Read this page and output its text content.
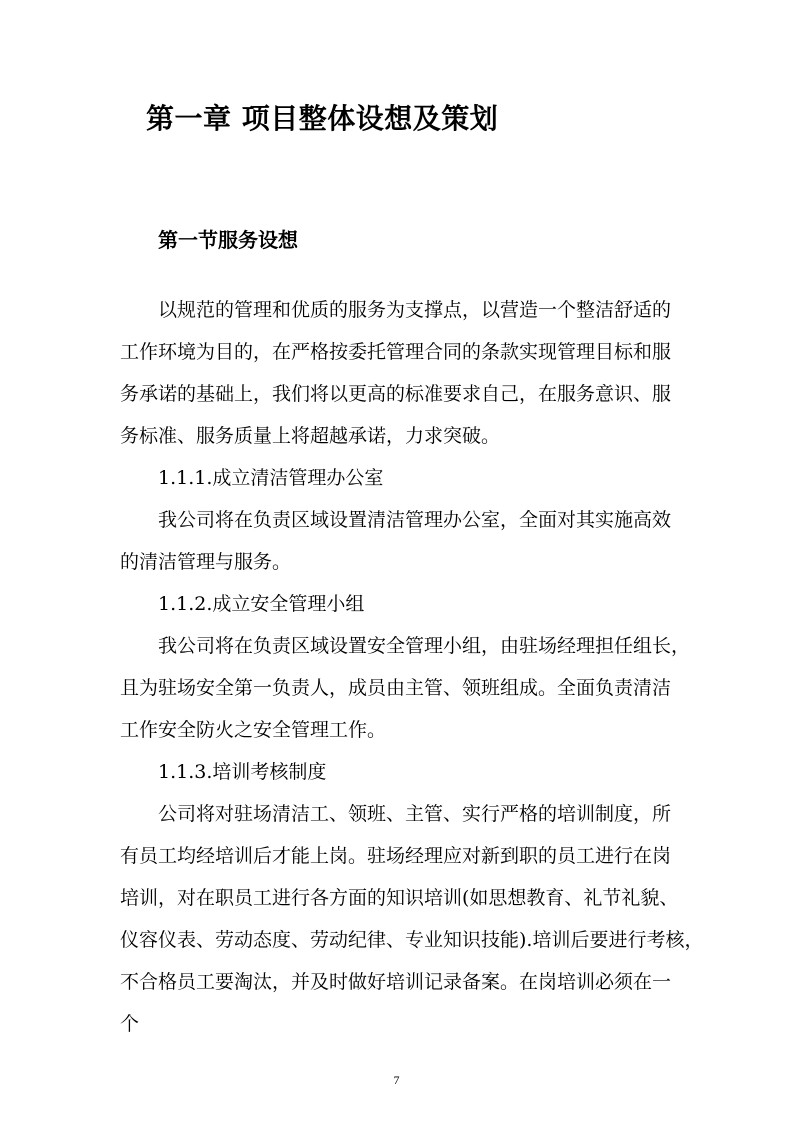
第一章 项目整体设想及策划
第一节服务设想

以规范的管理和优质的服务为支撑点，以营造一个整洁舒适的

工作环境为目的，在严格按委托管理合同的条款实现管理目标和服

务承诺的基础上，我们将以更高的标准要求自己，在服务意识、服

务标准、服务质量上将超越承诺，力求突破。

1.1.1.成立清洁管理办公室

我公司将在负责区域设置清洁管理办公室，全面对其实施高效

的清洁管理与服务。

1.1.2.成立安全管理小组

我公司将在负责区域设置安全管理小组，由驻场经理担任组长，

且为驻场安全第一负责人，成员由主管、领班组成。全面负责清洁

工作安全防火之安全管理工作。

1.1.3.培训考核制度

公司将对驻场清洁工、领班、主管、实行严格的培训制度，所

有员工均经培训后才能上岗。驻场经理应对新到职的员工进行在岗

培训，对在职员工进行各方面的知识培训(如思想教育、礼节礼貌、

仪容仪表、劳动态度、劳动纪律、专业知识技能).培训后要进行考核，

不合格员工要淘汰，并及时做好培训记录备案。在岗培训必须在一

个

7
